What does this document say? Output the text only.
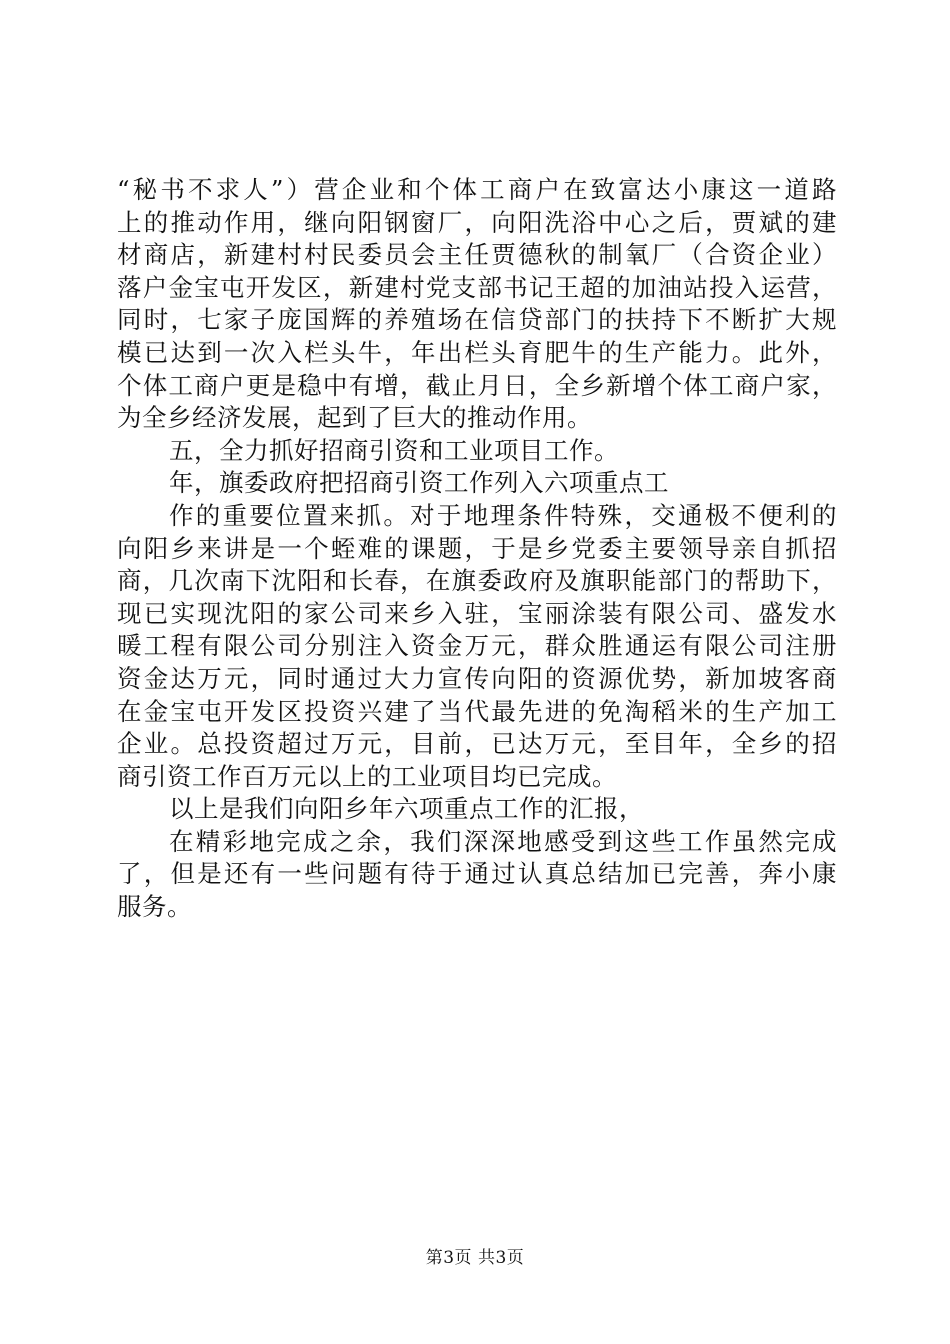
“秘书不求人”）营企业和个体工商户在致富达小康这一道路
上的推动作用，继向阳钢窗厂，向阳洗浴中心之后，贾斌的建
材商店，新建村村民委员会主任贾德秋的制氧厂（合资企业）
落户金宝屯开发区，新建村党支部书记王超的加油站投入运营，
同时，七家子庞国辉的养殖场在信贷部门的扶持下不断扩大规
模已达到一次入栏头牛，年出栏头育肥牛的生产能力。此外，
个体工商户更是稳中有增，截止月日，全乡新增个体工商户家，
为全乡经济发展，起到了巨大的推动作用。
五，全力抓好招商引资和工业项目工作。
年，旗委政府把招商引资工作列入六项重点工
作的重要位置来抓。对于地理条件特殊，交通极不便利的
向阳乡来讲是一个蛭难的课题，于是乡党委主要领导亲自抓招
商，几次南下沈阳和长春，在旗委政府及旗职能部门的帮助下，
现已实现沈阳的家公司来乡入驻，宝丽涂装有限公司、盛发水
暖工程有限公司分别注入资金万元，群众胜通运有限公司注册
资金达万元，同时通过大力宣传向阳的资源优势，新加坡客商
在金宝屯开发区投资兴建了当代最先进的免淘稻米的生产加工
企业。总投资超过万元，目前，已达万元，至目年，全乡的招
商引资工作百万元以上的工业项目均已完成。
以上是我们向阳乡年六项重点工作的汇报，
在精彩地完成之余，我们深深地感受到这些工作虽然完成
了，但是还有一些问题有待于通过认真总结加已完善，奔小康
服务。
第3页 共3页
